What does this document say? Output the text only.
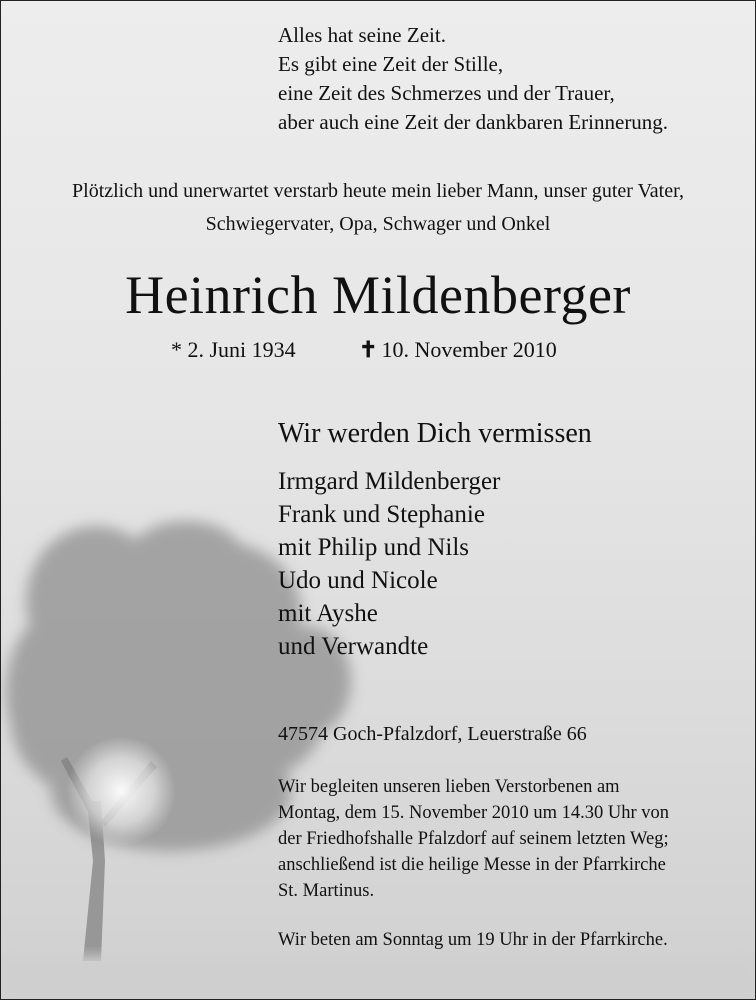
Alles hat seine Zeit.
Es gibt eine Zeit der Stille,
eine Zeit des Schmerzes und der Trauer,
aber auch eine Zeit der dankbaren Erinnerung.
Plötzlich und unerwartet verstarb heute mein lieber Mann, unser guter Vater,
Schwiegervater, Opa, Schwager und Onkel
Heinrich Mildenberger
* 2. Juni 1934	✝ 10. November 2010
Wir werden Dich vermissen
Irmgard Mildenberger
Frank und Stephanie
mit Philip und Nils
Udo und Nicole
mit Ayshe
und Verwandte
47574 Goch-Pfalzdorf, Leuerstraße 66
Wir begleiten unseren lieben Verstorbenen am
Montag, dem 15. November 2010 um 14.30 Uhr von
der Friedhofshalle Pfalzdorf auf seinem letzten Weg;
anschließend ist die heilige Messe in der Pfarrkirche
St. Martinus.
Wir beten am Sonntag um 19 Uhr in der Pfarrkirche.
